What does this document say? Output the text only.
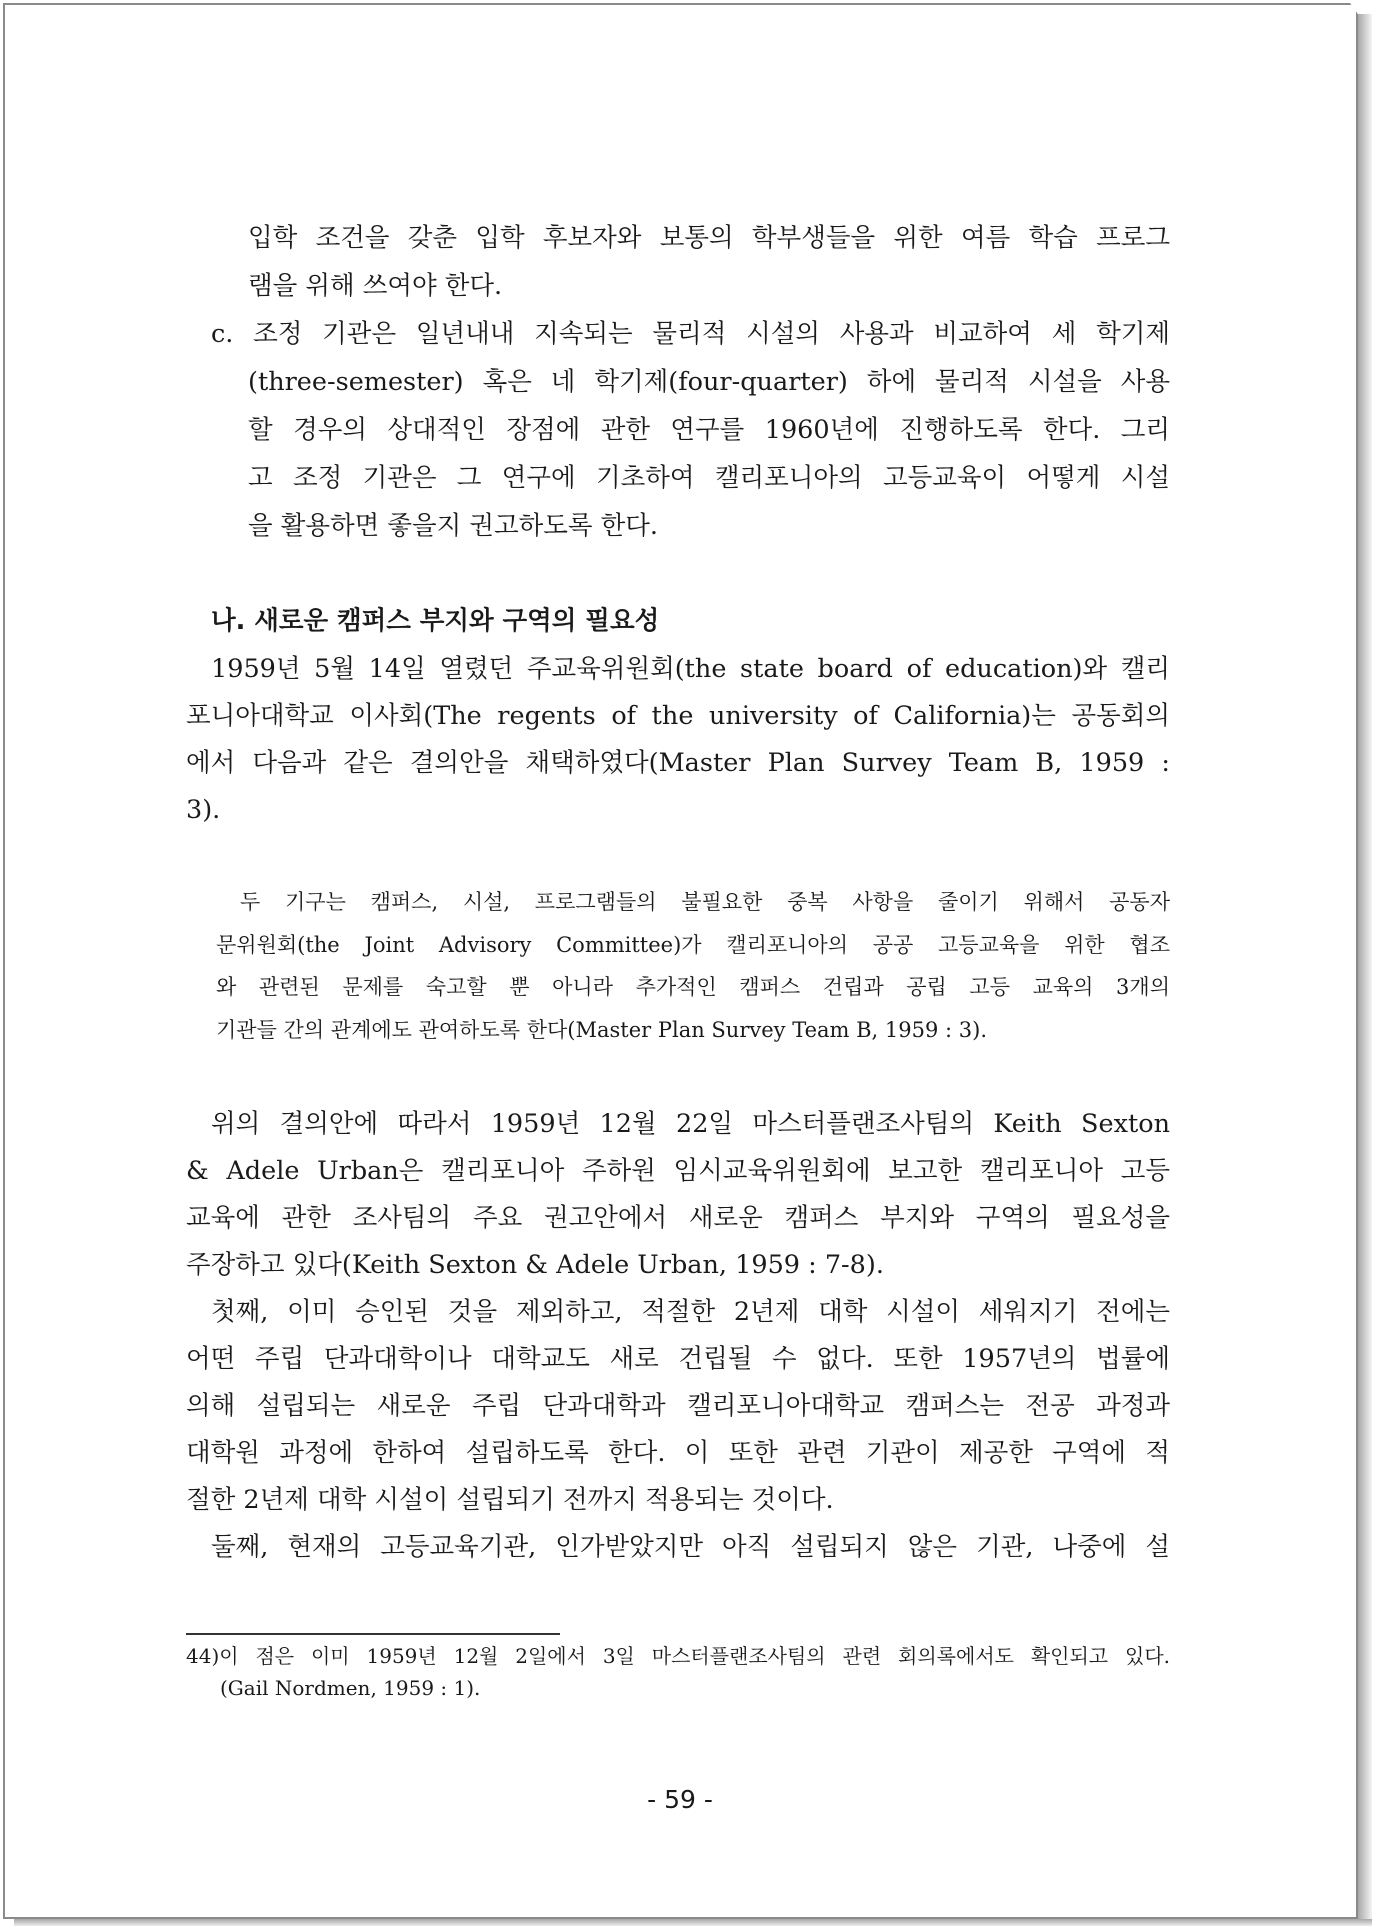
입학 조건을 갖춘 입학 후보자와 보통의 학부생들을 위한 여름 학습 프로그
램을 위해 쓰여야 한다.
c. 조정 기관은 일년내내 지속되는 물리적 시설의 사용과 비교하여 세 학기제
(three-semester) 혹은 네 학기제(four-quarter) 하에 물리적 시설을 사용
할 경우의 상대적인 장점에 관한 연구를 1960년에 진행하도록 한다. 그리
고 조정 기관은 그 연구에 기초하여 캘리포니아의 고등교육이 어떻게 시설
을 활용하면 좋을지 권고하도록 한다.
나. 새로운 캠퍼스 부지와 구역의 필요성
1959년 5월 14일 열렸던 주교육위원회(the state board of education)와 캘리
포니아대학교 이사회(The regents of the university of California)는 공동회의
에서 다음과 같은 결의안을 채택하였다(Master Plan Survey Team B, 1959 :
3).
두 기구는 캠퍼스, 시설, 프로그램들의 불필요한 중복 사항을 줄이기 위해서 공동자
문위원회(the Joint Advisory Committee)가 캘리포니아의 공공 고등교육을 위한 협조
와 관련된 문제를 숙고할 뿐 아니라 추가적인 캠퍼스 건립과 공립 고등 교육의 3개의
기관들 간의 관계에도 관여하도록 한다(Master Plan Survey Team B, 1959 : 3).
위의 결의안에 따라서 1959년 12월 22일 마스터플랜조사팀의 Keith Sexton
& Adele Urban은 캘리포니아 주하원 임시교육위원회에 보고한 캘리포니아 고등
교육에 관한 조사팀의 주요 권고안에서 새로운 캠퍼스 부지와 구역의 필요성을
주장하고 있다(Keith Sexton & Adele Urban, 1959 : 7-8).
첫째, 이미 승인된 것을 제외하고, 적절한 2년제 대학 시설이 세워지기 전에는
어떤 주립 단과대학이나 대학교도 새로 건립될 수 없다. 또한 1957년의 법률에
의해 설립되는 새로운 주립 단과대학과 캘리포니아대학교 캠퍼스는 전공 과정과
대학원 과정에 한하여 설립하도록 한다. 이 또한 관련 기관이 제공한 구역에 적
절한 2년제 대학 시설이 설립되기 전까지 적용되는 것이다.
둘째, 현재의 고등교육기관, 인가받았지만 아직 설립되지 않은 기관, 나중에 설
44)이 점은 이미 1959년 12월 2일에서 3일 마스터플랜조사팀의 관련 회의록에서도 확인되고 있다.
(Gail Nordmen, 1959 : 1).
- 59 -
